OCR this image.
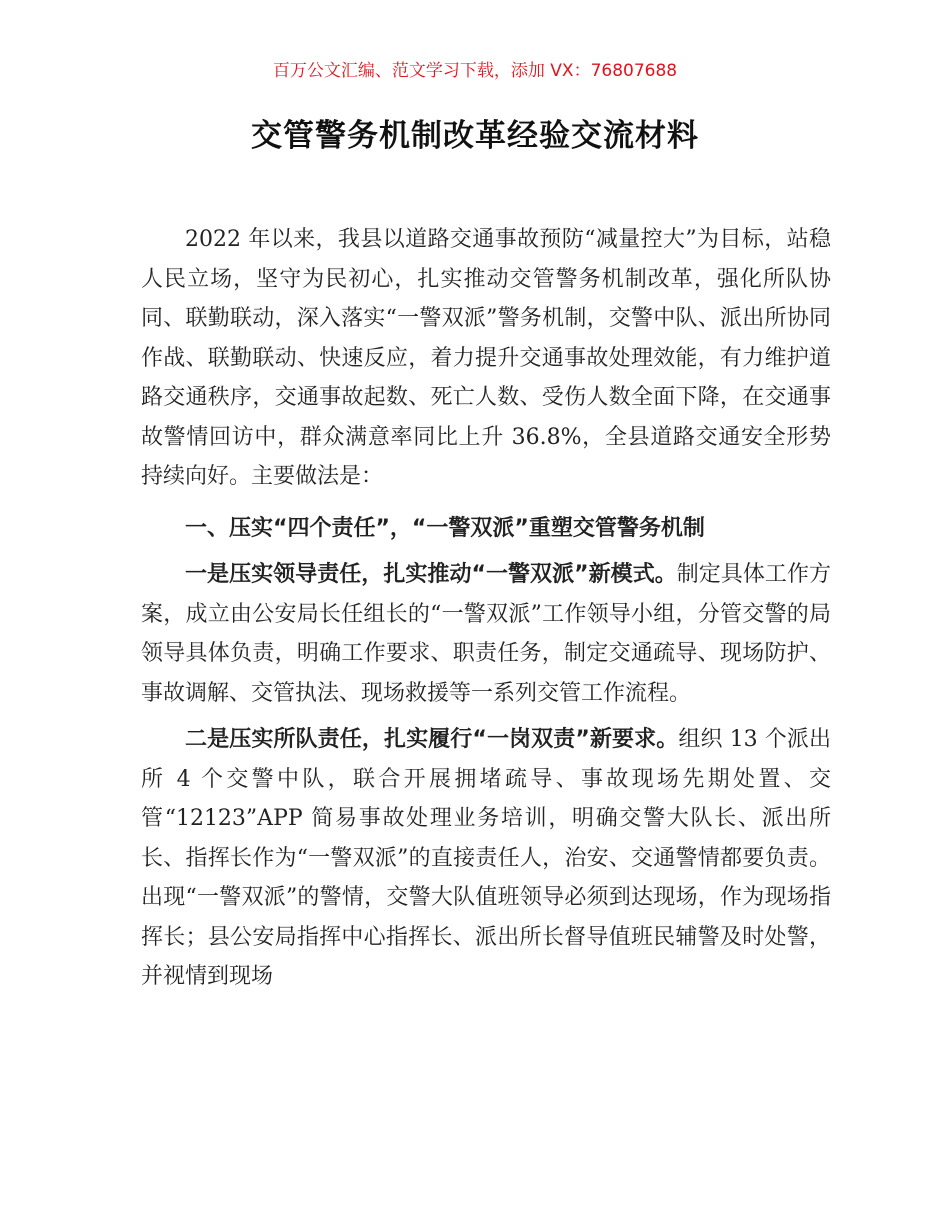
百万公文汇编、范文学习下载，添加 VX：76807688
交管警务机制改革经验交流材料

2022 年以来，我县以道路交通事故预防“减量控大”为目标，站稳人民立场，坚守为民初心，扎实推动交管警务机制改革，强化所队协同、联勤联动，深入落实“一警双派”警务机制，交警中队、派出所协同作战、联勤联动、快速反应，着力提升交通事故处理效能，有力维护道路交通秩序，交通事故起数、死亡人数、受伤人数全面下降，在交通事故警情回访中，群众满意率同比上升 36.8%，全县道路交通安全形势持续向好。主要做法是：

一、压实“四个责任”，“一警双派”重塑交管警务机制

一是压实领导责任，扎实推动“一警双派”新模式。制定具体工作方案，成立由公安局长任组长的“一警双派”工作领导小组，分管交警的局领导具体负责，明确工作要求、职责任务，制定交通疏导、现场防护、事故调解、交管执法、现场救援等一系列交管工作流程。

二是压实所队责任，扎实履行“一岗双责”新要求。组织 13 个派出所 4 个交警中队，联合开展拥堵疏导、事故现场先期处置、交管“12123”APP 简易事故处理业务培训，明确交警大队长、派出所长、指挥长作为“一警双派”的直接责任人，治安、交通警情都要负责。出现“一警双派”的警情，交警大队值班领导必须到达现场，作为现场指挥长；县公安局指挥中心指挥长、派出所长督导值班民辅警及时处警，并视情到现场
